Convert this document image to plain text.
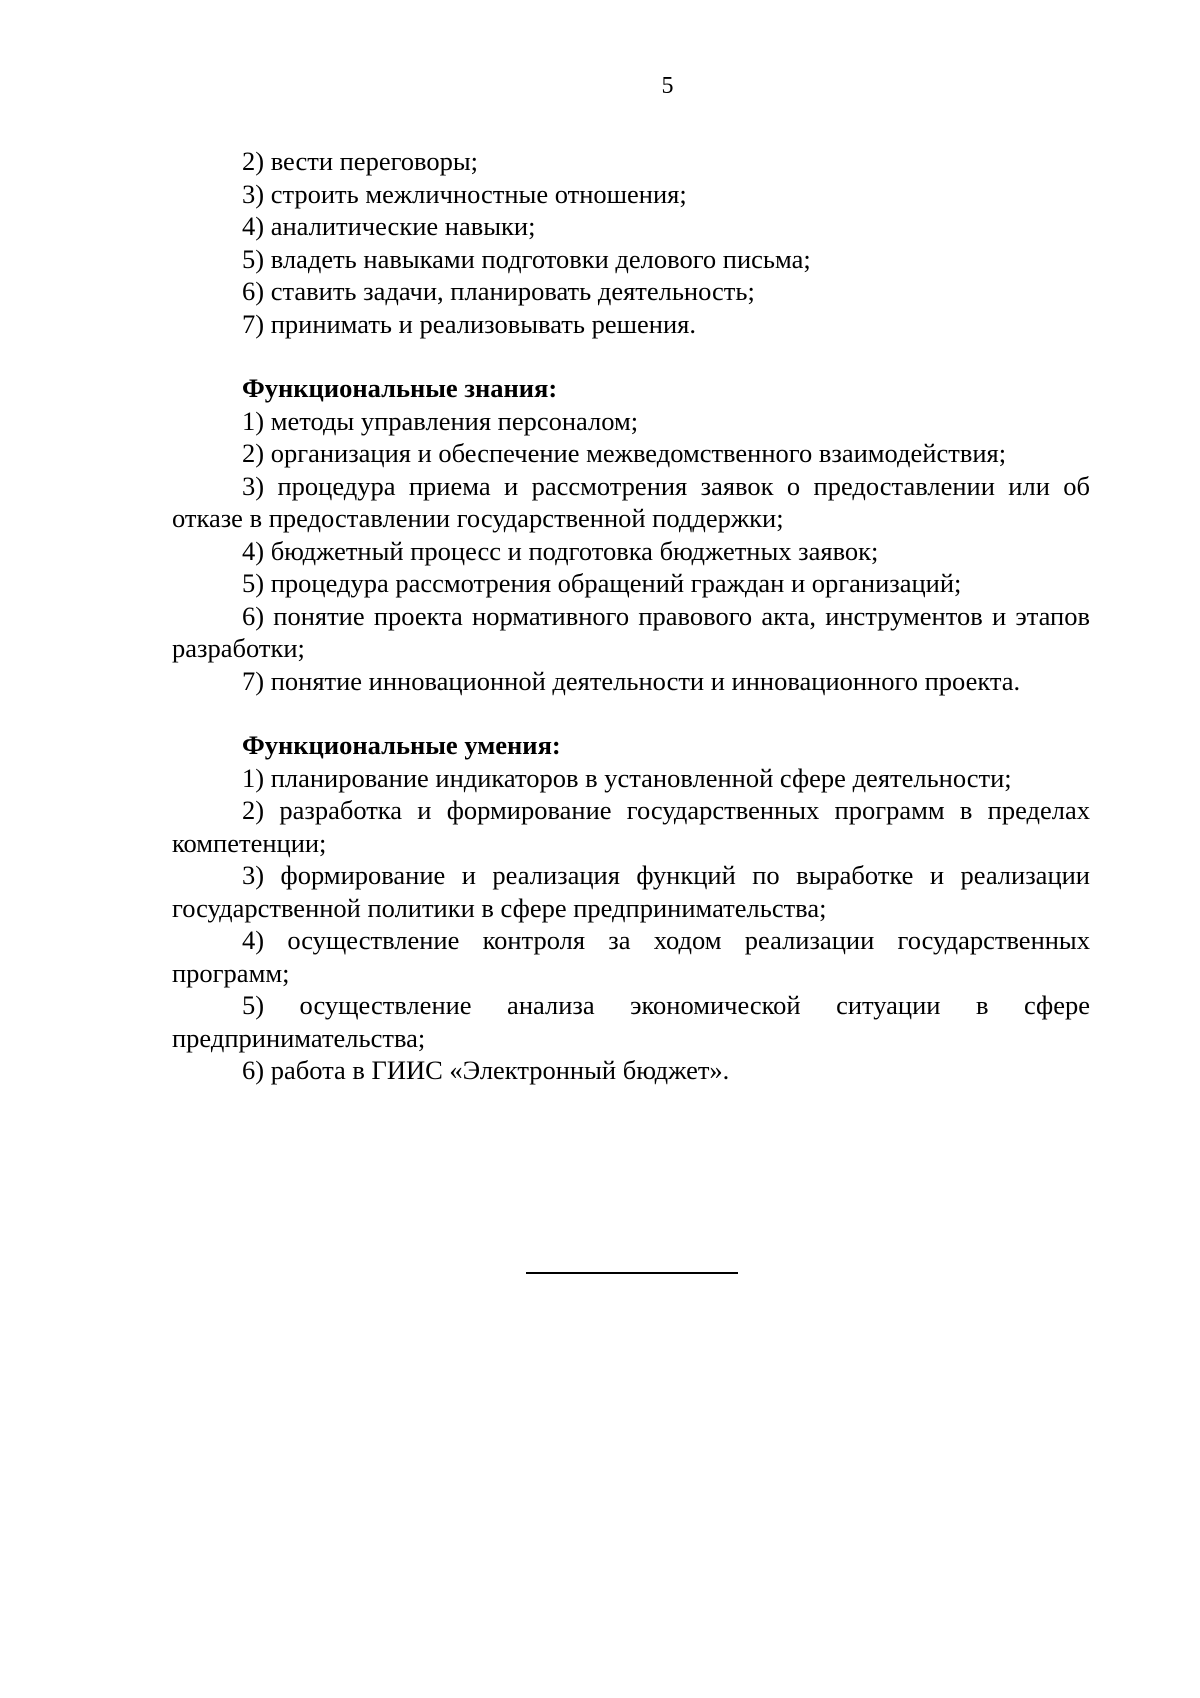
5

2) вести переговоры;

3) строить межличностные отношения;

4) аналитические навыки;

5) владеть навыками подготовки делового письма;

6) ставить задачи, планировать деятельность;

7) принимать и реализовывать решения.

Функциональные знания:

1) методы управления персоналом;

2) организация и обеспечение межведомственного взаимодействия;

3) процедура приема и рассмотрения заявок о предоставлении или об отказе в предоставлении государственной поддержки;

4) бюджетный процесс и подготовка бюджетных заявок;

5) процедура рассмотрения обращений граждан и организаций;

6) понятие проекта нормативного правового акта, инструментов и этапов разработки;

7) понятие инновационной деятельности и инновационного проекта.

Функциональные умения:

1) планирование индикаторов в установленной сфере деятельности;

2) разработка и формирование государственных программ в пределах компетенции;

3) формирование и реализация функций по выработке и реализации государственной политики в сфере предпринимательства;

4) осуществление контроля за ходом реализации государственных программ;

5) осуществление анализа экономической ситуации в сфере предпринимательства;

6) работа в ГИИС «Электронный бюджет».
